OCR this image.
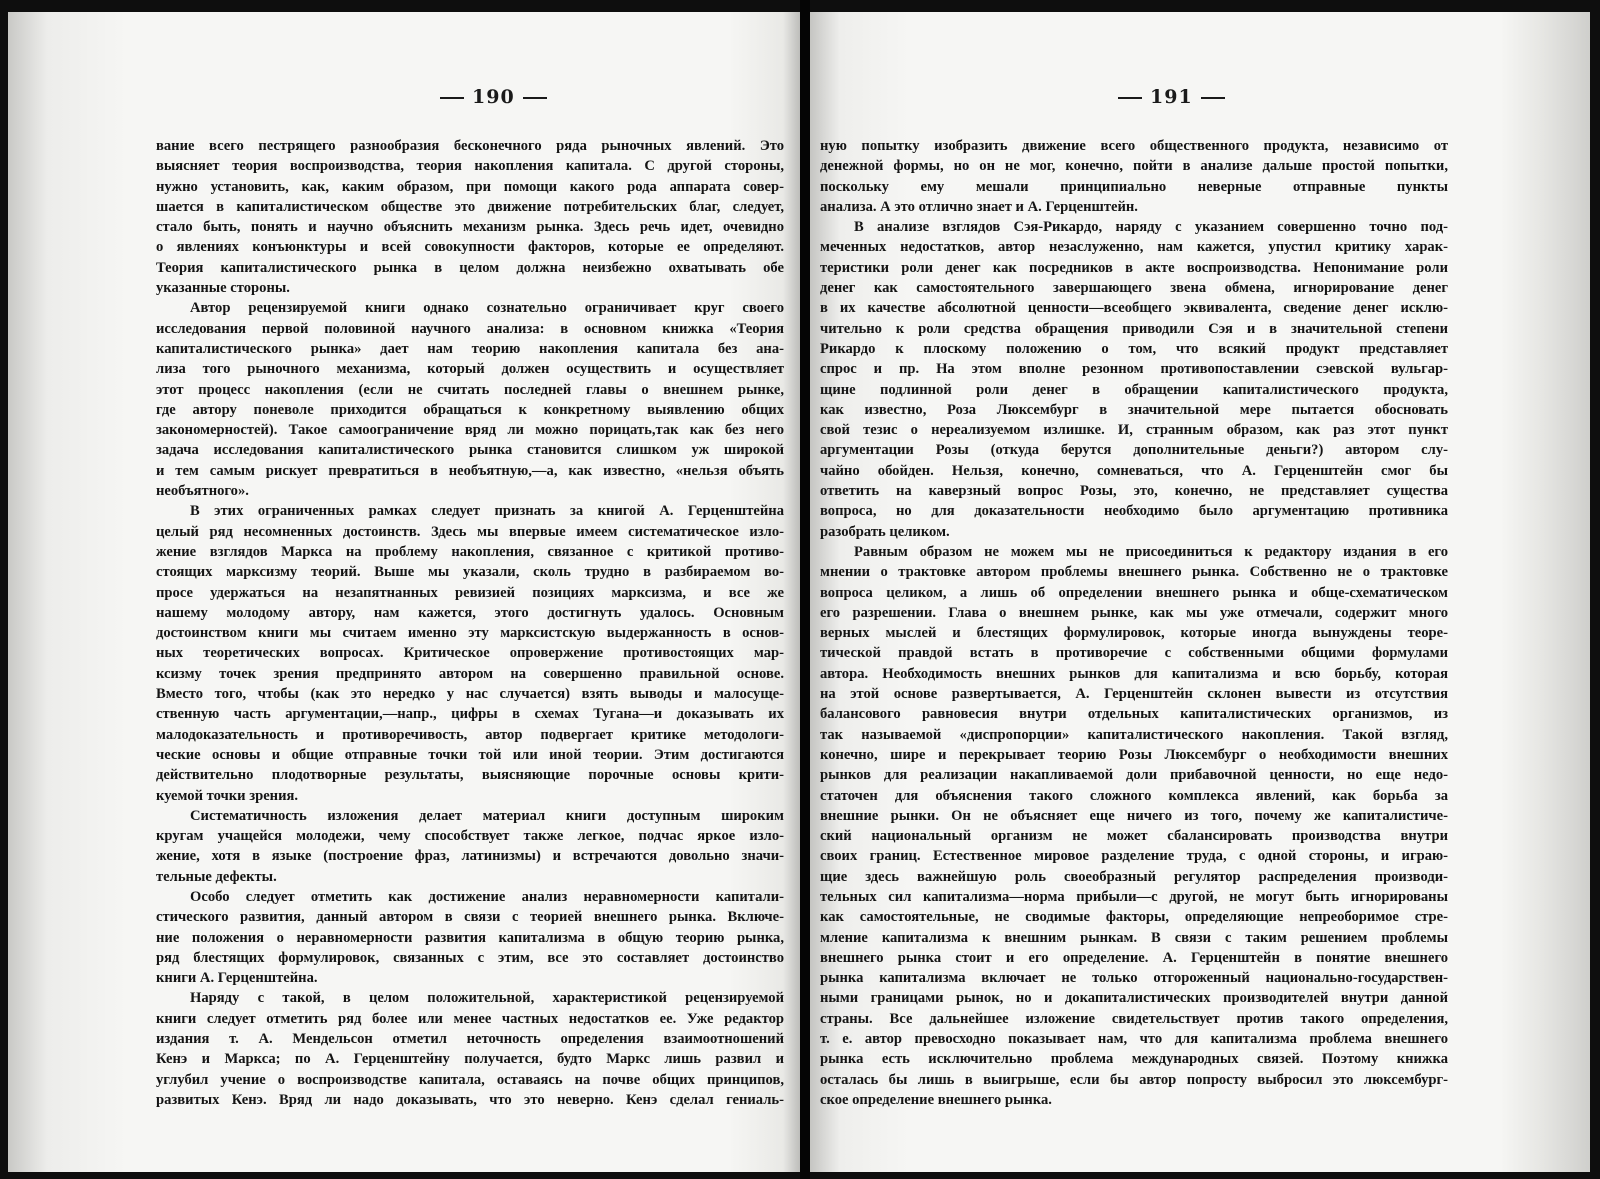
190
вание всего пестрящего разнообразия бесконечного ряда рыночных явлений. Это
выясняет теория воспроизводства, теория накопления капитала. С другой стороны,
нужно установить, как, каким образом, при помощи какого рода аппарата совер-
шается в капиталистическом обществе это движение потребительских благ, следует,
стало быть, понять и научно объяснить механизм рынка. Здесь речь идет, очевидно
о явлениях конъюнктуры и всей совокупности факторов, которые ее определяют.
Теория капиталистического рынка в целом должна неизбежно охватывать обе
указанные стороны.
Автор рецензируемой книги однако сознательно ограничивает круг своего
исследования первой половиной научного анализа: в основном книжка «Теория
капиталистического рынка» дает нам теорию накопления капитала без ана-
лиза того рыночного механизма, который должен осуществить и осуществляет
этот процесс накопления (если не считать последней главы о внешнем рынке,
где автору поневоле приходится обращаться к конкретному выявлению общих
закономерностей). Такое самоограничение вряд ли можно порицать,так как без него
задача исследования капиталистического рынка становится слишком уж широкой
и тем самым рискует превратиться в необъятную,—а, как известно, «нельзя объять
необъятного».
В этих ограниченных рамках следует признать за книгой А. Герценштейна
целый ряд несомненных достоинств. Здесь мы впервые имеем систематическое изло-
жение взглядов Маркса на проблему накопления, связанное с критикой противо-
стоящих марксизму теорий. Выше мы указали, сколь трудно в разбираемом во-
просе удержаться на незапятнанных ревизией позициях марксизма, и все же
нашему молодому автору, нам кажется, этого достигнуть удалось. Основным
достоинством книги мы считаем именно эту марксистскую выдержанность в основ-
ных теоретических вопросах. Критическое опровержение противостоящих мар-
ксизму точек зрения предпринято автором на совершенно правильной основе.
Вместо того, чтобы (как это нередко у нас случается) взять выводы и малосуще-
ственную часть аргументации,—напр., цифры в схемах Тугана—и доказывать их
малодоказательность и противоречивость, автор подвергает критике методологи-
ческие основы и общие отправные точки той или иной теории. Этим достигаются
действительно плодотворные результаты, выясняющие порочные основы крити-
куемой точки зрения.
Систематичность изложения делает материал книги доступным широким
кругам учащейся молодежи, чему способствует также легкое, подчас яркое изло-
жение, хотя в языке (построение фраз, латинизмы) и встречаются довольно значи-
тельные дефекты.
Особо следует отметить как достижение анализ неравномерности капитали-
стического развития, данный автором в связи с теорией внешнего рынка. Включе-
ние положения о неравномерности развития капитализма в общую теорию рынка,
ряд блестящих формулировок, связанных с этим, все это составляет достоинство
книги А. Герценштейна.
Наряду с такой, в целом положительной, характеристикой рецензируемой
книги следует отметить ряд более или менее частных недостатков ее. Уже редактор
издания т. А. Мендельсон отметил неточность определения взаимоотношений
Кенэ и Маркса; по А. Герценштейну получается, будто Маркс лишь развил и
углубил учение о воспроизводстве капитала, оставаясь на почве общих принципов,
развитых Кенэ. Вряд ли надо доказывать, что это неверно. Кенэ сделал гениаль-
191
ную попытку изобразить движение всего общественного продукта, независимо от
денежной формы, но он не мог, конечно, пойти в анализе дальше простой попытки,
поскольку ему мешали принципиально неверные отправные пункты
анализа. А это отлично знает и А. Герценштейн.
В анализе взглядов Сэя-Рикардо, наряду с указанием совершенно точно под-
меченных недостатков, автор незаслуженно, нам кажется, упустил критику харак-
теристики роли денег как посредников в акте воспроизводства. Непонимание роли
денег как самостоятельного завершающего звена обмена, игнорирование денег
в их качестве абсолютной ценности—всеобщего эквивалента, сведение денег исклю-
чительно к роли средства обращения приводили Сэя и в значительной степени
Рикардо к плоскому положению о том, что всякий продукт представляет
спрос и пр. На этом вполне резонном противопоставлении сэевской вульгар-
щине подлинной роли денег в обращении капиталистического продукта,
как известно, Роза Люксембург в значительной мере пытается обосновать
свой тезис о нереализуемом излишке. И, странным образом, как раз этот пункт
аргументации Розы (откуда берутся дополнительные деньги?) автором слу-
чайно обойден. Нельзя, конечно, сомневаться, что А. Герценштейн смог бы
ответить на каверзный вопрос Розы, это, конечно, не представляет существа
вопроса, но для доказательности необходимо было аргументацию противника
разобрать целиком.
Равным образом не можем мы не присоединиться к редактору издания в его
мнении о трактовке автором проблемы внешнего рынка. Собственно не о трактовке
вопроса целиком, а лишь об определении внешнего рынка и обще-схематическом
его разрешении. Глава о внешнем рынке, как мы уже отмечали, содержит много
верных мыслей и блестящих формулировок, которые иногда вынуждены теоре-
тической правдой встать в противоречие с собственными общими формулами
автора. Необходимость внешних рынков для капитализма и всю борьбу, которая
на этой основе развертывается, А. Герценштейн склонен вывести из отсутствия
балансового равновесия внутри отдельных капиталистических организмов, из
так называемой «диспропорции» капиталистического накопления. Такой взгляд,
конечно, шире и перекрывает теорию Розы Люксембург о необходимости внешних
рынков для реализации накапливаемой доли прибавочной ценности, но еще недо-
статочен для объяснения такого сложного комплекса явлений, как борьба за
внешние рынки. Он не объясняет еще ничего из того, почему же капиталистиче-
ский национальный организм не может сбалансировать производства внутри
своих границ. Естественное мировое разделение труда, с одной стороны, и играю-
щие здесь важнейшую роль своеобразный регулятор распределения производи-
тельных сил капитализма—норма прибыли—с другой, не могут быть игнорированы
как самостоятельные, не сводимые факторы, определяющие непреоборимое стре-
мление капитализма к внешним рынкам. В связи с таким решением проблемы
внешнего рынка стоит и его определение. А. Герценштейн в понятие внешнего
рынка капитализма включает не только отгороженный национально-государствен-
ными границами рынок, но и докапиталистических производителей внутри данной
страны. Все дальнейшее изложение свидетельствует против такого определения,
т. е. автор превосходно показывает нам, что для капитализма проблема внешнего
рынка есть исключительно проблема международных связей. Поэтому книжка
осталась бы лишь в выигрыше, если бы автор попросту выбросил это люксембург-
ское определение внешнего рынка.
